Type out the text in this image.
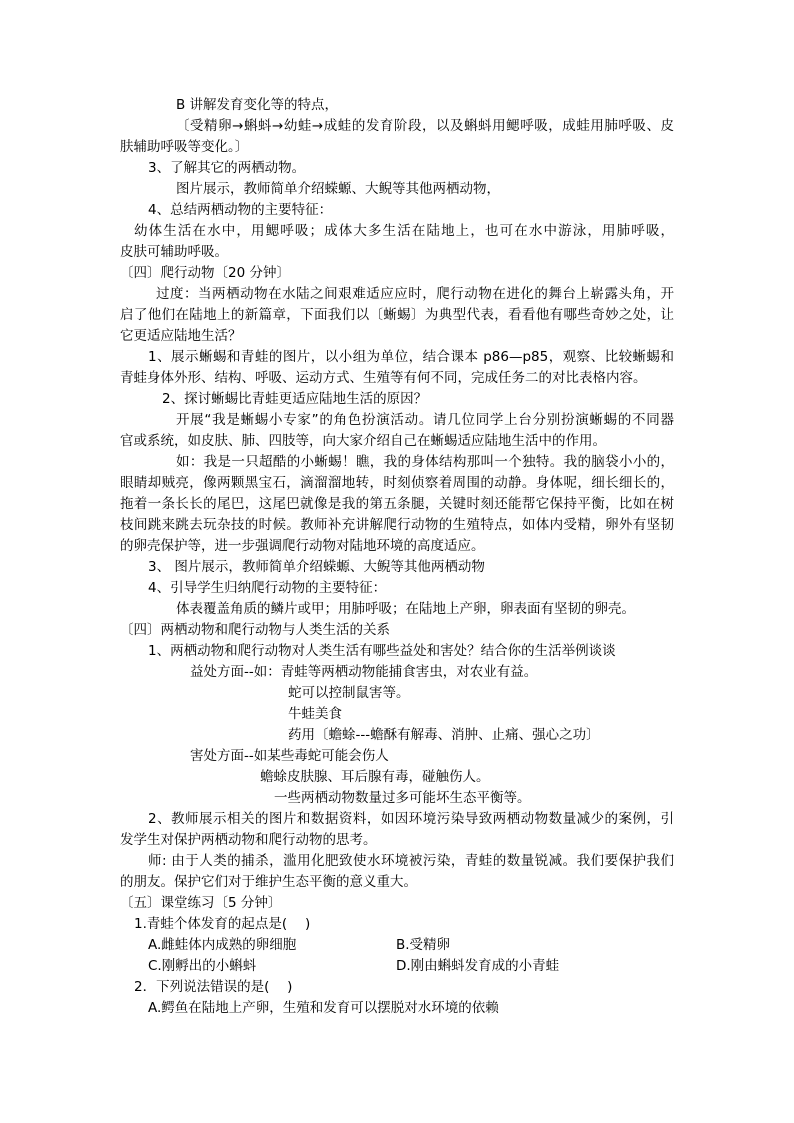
B 讲解发育变化等的特点，
〔受精卵→蝌蚪→幼蛙→成蛙的发育阶段，以及蝌蚪用鳃呼吸，成蛙用肺呼吸、皮
肤辅助呼吸等变化。〕
3、了解其它的两栖动物。
图片展示，教师简单介绍蝾螈、大鲵等其他两栖动物，
4、总结两栖动物的主要特征：
幼体生活在水中，用鳃呼吸；成体大多生活在陆地上，也可在水中游泳，用肺呼吸，
皮肤可辅助呼吸。
〔四〕爬行动物〔20 分钟〕
过度：当两栖动物在水陆之间艰难适应应时，爬行动物在进化的舞台上崭露头角，开
启了他们在陆地上的新篇章，下面我们以〔蜥蜴〕为典型代表，看看他有哪些奇妙之处，让
它更适应陆地生活？
1、展示蜥蜴和青蛙的图片，以小组为单位，结合课本 p86—p85，观察、比较蜥蜴和
青蛙身体外形、结构、呼吸、运动方式、生殖等有何不同，完成任务二的对比表格内容。
2、探讨蜥蜴比青蛙更适应陆地生活的原因？
开展“我是蜥蜴小专家”的角色扮演活动。请几位同学上台分别扮演蜥蜴的不同器
官或系统，如皮肤、肺、四肢等，向大家介绍自己在蜥蜴适应陆地生活中的作用。
如：我是一只超酷的小蜥蜴！瞧，我的身体结构那叫一个独特。我的脑袋小小的，
眼睛却贼亮，像两颗黑宝石，滴溜溜地转，时刻侦察着周围的动静。身体呢，细长细长的，
拖着一条长长的尾巴，这尾巴就像是我的第五条腿，关键时刻还能帮它保持平衡，比如在树
枝间跳来跳去玩杂技的时候。教师补充讲解爬行动物的生殖特点，如体内受精，卵外有坚韧
的卵壳保护等，进一步强调爬行动物对陆地环境的高度适应。
3、 图片展示，教师简单介绍蝾螈、大鲵等其他两栖动物
4、引导学生归纳爬行动物的主要特征：
体表覆盖角质的鳞片或甲；用肺呼吸；在陆地上产卵，卵表面有坚韧的卵壳。
〔四〕两栖动物和爬行动物与人类生活的关系
1、两栖动物和爬行动物对人类生活有哪些益处和害处？结合你的生活举例谈谈
益处方面--如：青蛙等两栖动物能捕食害虫，对农业有益。
蛇可以控制鼠害等。
牛蛙美食
药用〔蟾蜍---蟾酥有解毒、消肿、止痛、强心之功〕
害处方面--如某些毒蛇可能会伤人
蟾蜍皮肤腺、耳后腺有毒，碰触伤人。
一些两栖动物数量过多可能坏生态平衡等。
2、教师展示相关的图片和数据资料，如因环境污染导致两栖动物数量减少的案例，引
发学生对保护两栖动物和爬行动物的思考。
师: 由于人类的捕杀，滥用化肥致使水环境被污染，青蛙的数量锐减。我们要保护我们
的朋友。保护它们对于维护生态平衡的意义重大。
〔五〕课堂练习〔5 分钟〕
1.青蛙个体发育的起点是(　 )
A.雌蛙体内成熟的卵细胞	B.受精卵
C.刚孵出的小蝌蚪	D.刚由蝌蚪发育成的小青蛙
2．下列说法错误的是(　 )
A.鳄鱼在陆地上产卵，生殖和发育可以摆脱对水环境的依赖
